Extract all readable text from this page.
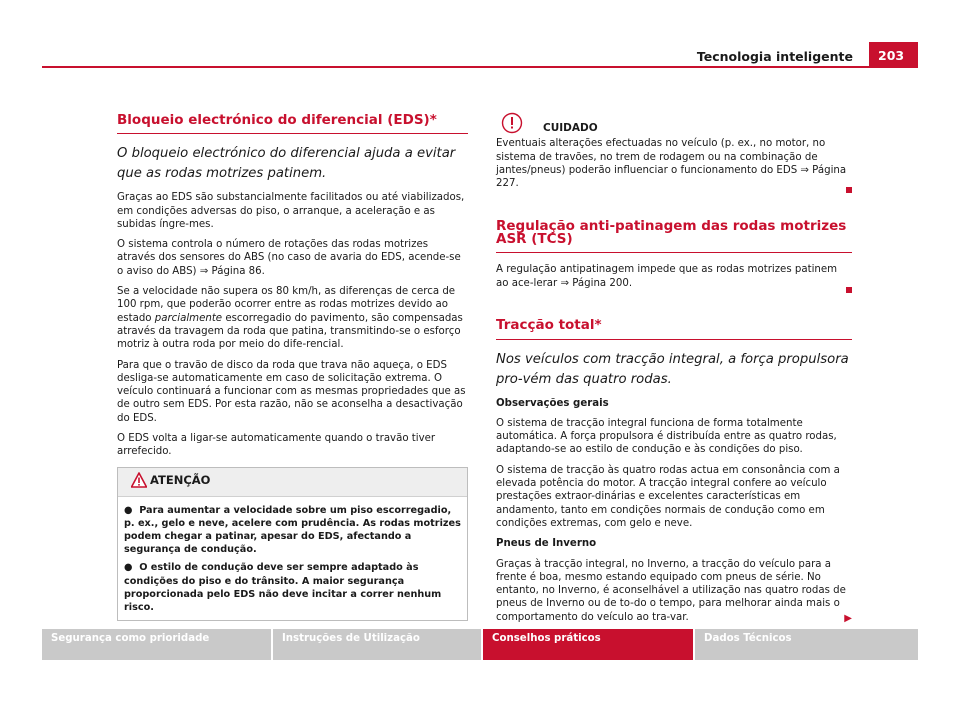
Tecnologia inteligente	203
Bloqueio electrónico do diferencial (EDS)*

O bloqueio electrónico do diferencial ajuda a evitar que as rodas motrizes patinem.

Graças ao EDS são substancialmente facilitados ou até viabilizados, em condições adversas do piso, o arranque, a aceleração e as subidas íngre-mes.

O sistema controla o número de rotações das rodas motrizes através dos sensores do ABS (no caso de avaria do EDS, acende-se o aviso do ABS) ⇒ Página 86.

Se a velocidade não supera os 80 km/h, as diferenças de cerca de 100 rpm, que poderão ocorrer entre as rodas motrizes devido ao estado parcialmente escorregadio do pavimento, são compensadas através da travagem da roda que patina, transmitindo-se o esforço motriz à outra roda por meio do dife-rencial.

Para que o travão de disco da roda que trava não aqueça, o EDS desliga-se automaticamente em caso de solicitação extrema. O veículo continuará a funcionar com as mesmas propriedades que as de outro sem EDS. Por esta razão, não se aconselha a desactivação do EDS.

O EDS volta a ligar-se automaticamente quando o travão tiver arrefecido.

ATENÇÃO

●  Para aumentar a velocidade sobre um piso escorregadio, p. ex., gelo e neve, acelere com prudência. As rodas motrizes podem chegar a patinar, apesar do EDS, afectando a segurança de condução.

●  O estilo de condução deve ser sempre adaptado às condições do piso e do trânsito. A maior segurança proporcionada pelo EDS não deve incitar a correr nenhum risco.

CUIDADO

Eventuais alterações efectuadas no veículo (p. ex., no motor, no sistema de travões, no trem de rodagem ou na combinação de jantes/pneus) poderão influenciar o funcionamento do EDS ⇒ Página 227.

Regulação anti-patinagem das rodas motrizes ASR (TCS)

A regulação antipatinagem impede que as rodas motrizes patinem ao ace-lerar ⇒ Página 200.

Tracção total*

Nos veículos com tracção integral, a força propulsora pro-vém das quatro rodas.

Observações gerais

O sistema de tracção integral funciona de forma totalmente automática. A força propulsora é distribuída entre as quatro rodas, adaptando-se ao estilo de condução e às condições do piso.

O sistema de tracção às quatro rodas actua em consonância com a elevada potência do motor. A tracção integral confere ao veículo prestações extraor-dinárias e excelentes características em andamento, tanto em condições normais de condução como em condições extremas, com gelo e neve.

Pneus de Inverno

Graças à tracção integral, no Inverno, a tracção do veículo para a frente é boa, mesmo estando equipado com pneus de série. No entanto, no Inverno, é aconselhável a utilização nas quatro rodas de pneus de Inverno ou de to-do o tempo, para melhorar ainda mais o comportamento do veículo ao tra-var.	▶
Segurança como prioridade	Instruções de Utilização	Conselhos práticos	Dados Técnicos
